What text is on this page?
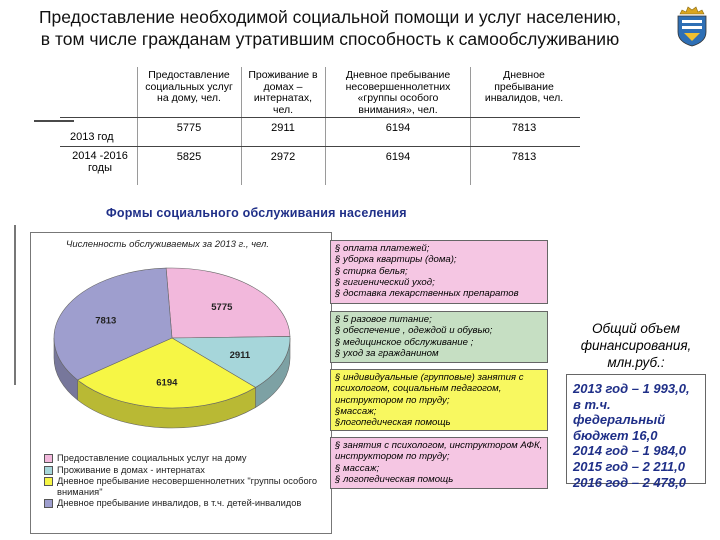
Предоставление необходимой социальной помощи и услуг населению,
в том числе гражданам утратившим способность к самообслуживанию
Предоставление социальных услуг на дому, чел.
Проживание в домах – интернатах, чел.
Дневное пребывание несовершеннолетних «группы особого внимания», чел.
Дневное пребывание инвалидов, чел.
2013 год
5775	2911	6194	7813
2014 -2016 годы
5825	2972	6194	7813
Формы социального обслуживания населения
Численность обслуживаемых за 2013 г., чел.
5775
2911
6194
7813
Предоставление социальных услуг на дому
Проживание в домах - интернатах
Дневное пребывание несовершеннолетних "группы особого внимания"
Дневное пребывание инвалидов, в т.ч. детей-инвалидов
§ оплата платежей;
§ уборка квартиры (дома);
§ стирка белья;
§ гигиенический уход;
§ доставка лекарственных препаратов
§ 5 разовое питание;
§ обеспечение , одеждой и обувью;
§ медицинское обслуживание ;
§ уход за гражданином
§ индивидуальные (групповые) занятия с психологом, социальным педагогом, инструктором по труду;
§массаж;
§логопедическая помощь
§ занятия с психологом, инструктором АФК, инструктором по труду;
§ массаж;
§ логопедическая помощь
Общий объем финансирования, млн.руб.:
2013 год – 1 993,0, в т.ч. федеральный бюджет 16,0
2014 год – 1 984,0
2015 год – 2 211,0
2016 год – 2 478,0
